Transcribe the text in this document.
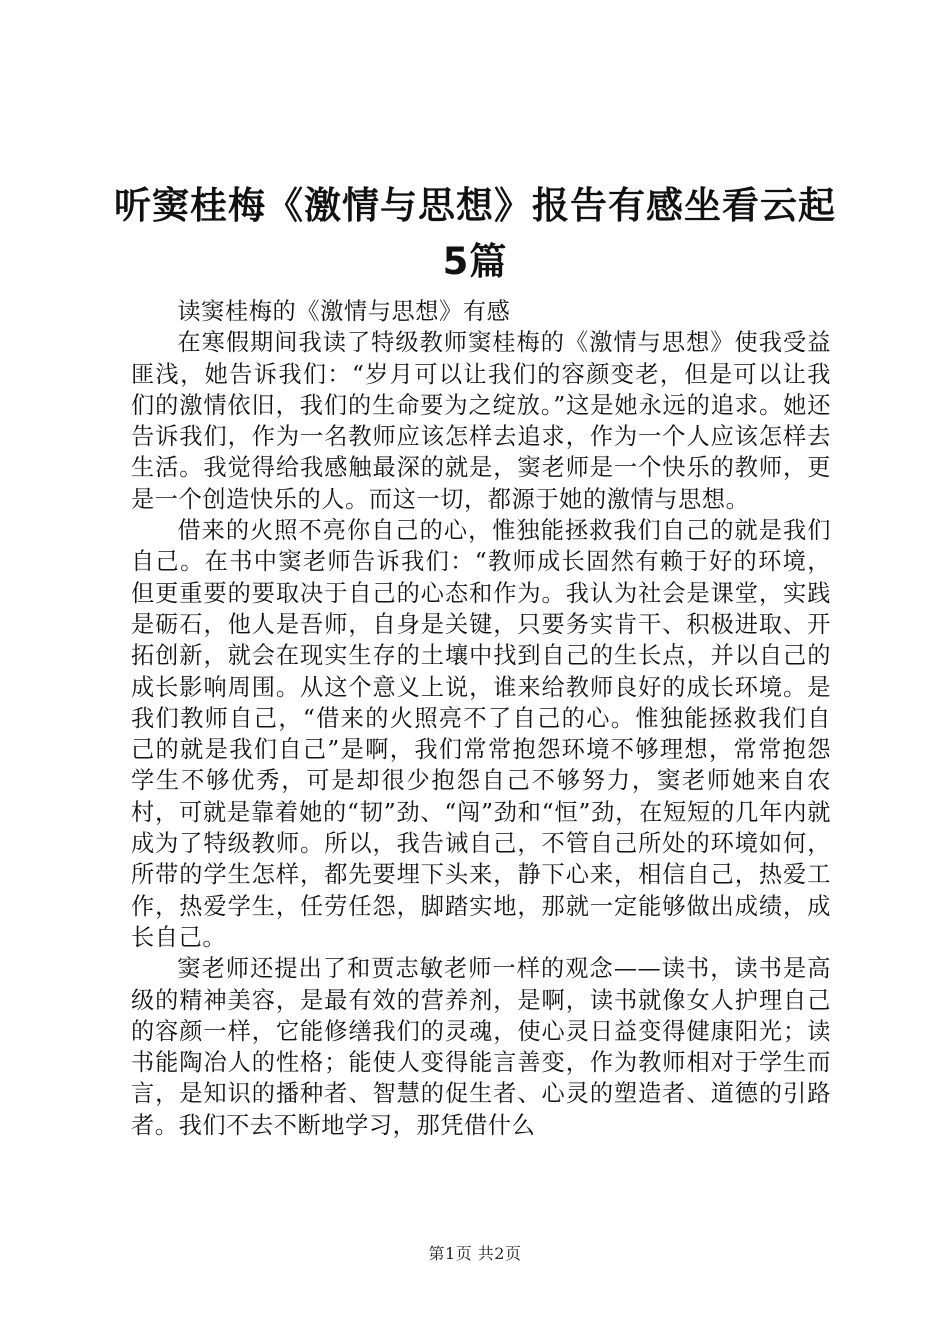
听窦桂梅《激情与思想》报告有感坐看云起5篇

读窦桂梅的《激情与思想》有感

在寒假期间我读了特级教师窦桂梅的《激情与思想》使我受益匪浅，她告诉我们：“岁月可以让我们的容颜变老，但是可以让我们的激情依旧，我们的生命要为之绽放。”这是她永远的追求。她还告诉我们，作为一名教师应该怎样去追求，作为一个人应该怎样去生活。我觉得给我感触最深的就是，窦老师是一个快乐的教师，更是一个创造快乐的人。而这一切，都源于她的激情与思想。

借来的火照不亮你自己的心，惟独能拯救我们自己的就是我们自己。在书中窦老师告诉我们：“教师成长固然有赖于好的环境，但更重要的要取决于自己的心态和作为。我认为社会是课堂，实践是砺石，他人是吾师，自身是关键，只要务实肯干、积极进取、开拓创新，就会在现实生存的土壤中找到自己的生长点，并以自己的成长影响周围。从这个意义上说，谁来给教师良好的成长环境。是我们教师自己，“借来的火照亮不了自己的心。惟独能拯救我们自己的就是我们自己”是啊，我们常常抱怨环境不够理想，常常抱怨学生不够优秀，可是却很少抱怨自己不够努力，窦老师她来自农村，可就是靠着她的“韧”劲、“闯”劲和“恒”劲，在短短的几年内就成为了特级教师。所以，我告诫自己，不管自己所处的环境如何，所带的学生怎样，都先要埋下头来，静下心来，相信自己，热爱工作，热爱学生，任劳任怨，脚踏实地，那就一定能够做出成绩，成长自己。

窦老师还提出了和贾志敏老师一样的观念——读书，读书是高级的精神美容，是最有效的营养剂，是啊，读书就像女人护理自己的容颜一样，它能修缮我们的灵魂，使心灵日益变得健康阳光；读书能陶冶人的性格；能使人变得能言善变，作为教师相对于学生而言，是知识的播种者、智慧的促生者、心灵的塑造者、道德的引路者。我们不去不断地学习，那凭借什么

第1页 共2页
